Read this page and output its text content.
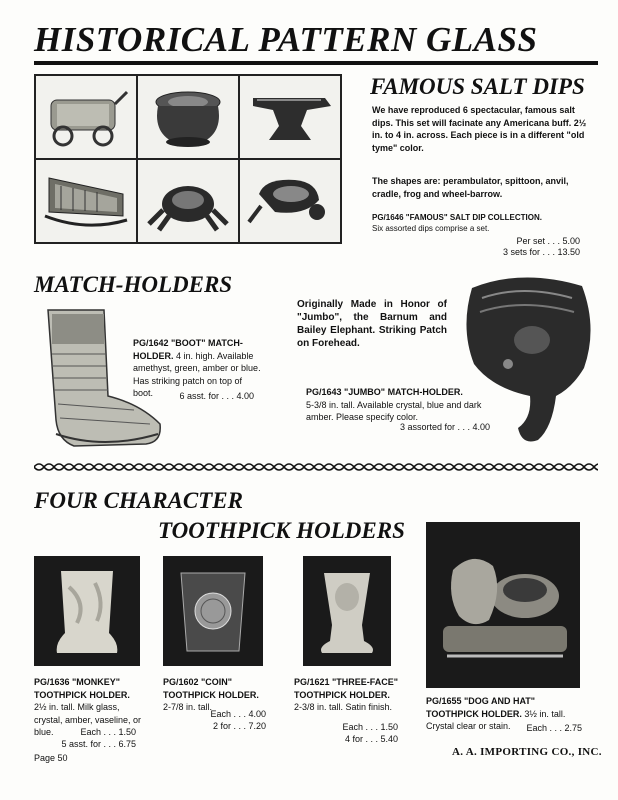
HISTORICAL PATTERN GLASS
FAMOUS SALT DIPS
We have reproduced 6 spectacular, famous salt dips. This set will facinate any Americana buff. 2½ in. to 4 in. across. Each piece is in a different "old tyme" color.
The shapes are: perambulator, spittoon, anvil, cradle, frog and wheel-barrow.
PG/1646 "FAMOUS" SALT DIP COLLECTION.
Six assorted dips comprise a set.
Per set . . . 5.00
3 sets for . . . 13.50
MATCH-HOLDERS
PG/1642 "BOOT" MATCH-HOLDER. 4 in. high. Available amethyst, green, amber or blue. Has striking patch on top of boot.	6 asst. for . . . 4.00
Originally Made in Honor of "Jumbo", the Barnum and Bailey Elephant. Striking Patch on Forehead.
PG/1643 "JUMBO" MATCH-HOLDER.
5-3/8 in. tall. Available crystal, blue and dark amber. Please specify color.
3 assorted for . . . 4.00
FOUR CHARACTER
TOOTHPICK HOLDERS
PG/1636 "MONKEY" TOOTHPICK HOLDER.
2½ in. tall. Milk glass, crystal, amber, vaseline, or blue.	Each . . . 1.50
5 asst. for . . . 6.75
PG/1602 "COIN" TOOTHPICK HOLDER.
2-7/8 in. tall.
Each . . . 4.00
2 for . . . 7.20
PG/1621 "THREE-FACE" TOOTHPICK HOLDER.
2-3/8 in. tall. Satin finish.
Each . . . 1.50
4 for . . . 5.40
PG/1655 "DOG AND HAT" TOOTHPICK HOLDER. 3½ in. tall. Crystal clear or stain.	Each . . . 2.75
Page 50	A. A. IMPORTING CO., INC.
